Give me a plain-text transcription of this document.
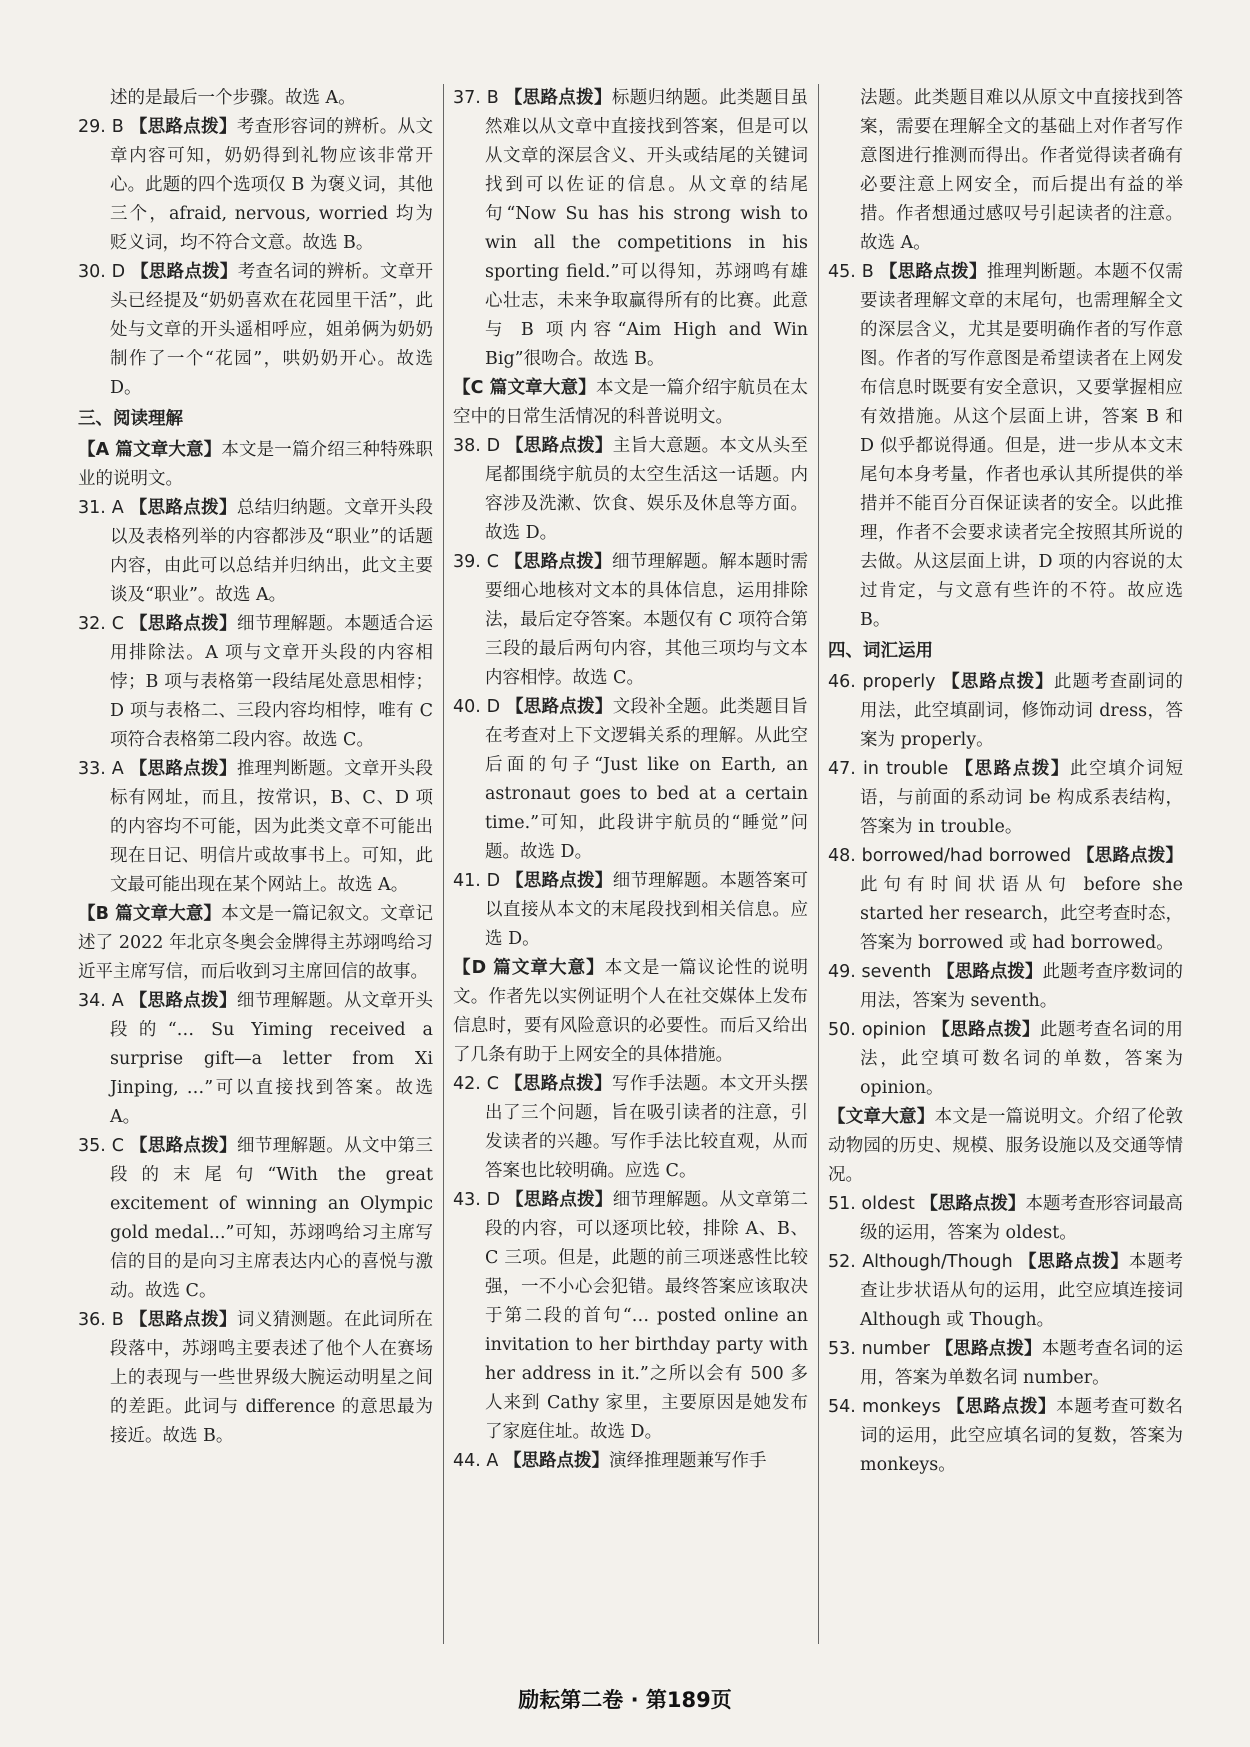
述的是最后一个步骤。故选 A。

29. B 【思路点拨】考查形容词的辨析。从文章内容可知，奶奶得到礼物应该非常开心。此题的四个选项仅 B 为褒义词，其他三个，afraid, nervous, worried 均为贬义词，均不符合文意。故选 B。

30. D 【思路点拨】考查名词的辨析。文章开头已经提及“奶奶喜欢在花园里干活”，此处与文章的开头遥相呼应，姐弟俩为奶奶制作了一个“花园”，哄奶奶开心。故选 D。

三、阅读理解

【A 篇文章大意】本文是一篇介绍三种特殊职业的说明文。

31. A 【思路点拨】总结归纳题。文章开头段以及表格列举的内容都涉及“职业”的话题内容，由此可以总结并归纳出，此文主要谈及“职业”。故选 A。

32. C 【思路点拨】细节理解题。本题适合运用排除法。A 项与文章开头段的内容相悖；B 项与表格第一段结尾处意思相悖；D 项与表格二、三段内容均相悖，唯有 C 项符合表格第二段内容。故选 C。

33. A 【思路点拨】推理判断题。文章开头段标有网址，而且，按常识，B、C、D 项的内容均不可能，因为此类文章不可能出现在日记、明信片或故事书上。可知，此文最可能出现在某个网站上。故选 A。

【B 篇文章大意】本文是一篇记叙文。文章记述了 2022 年北京冬奥会金牌得主苏翊鸣给习近平主席写信，而后收到习主席回信的故事。

34. A 【思路点拨】细节理解题。从文章开头段的“… Su Yiming received a surprise gift—a letter from Xi Jinping, …”可以直接找到答案。故选 A。

35. C 【思路点拨】细节理解题。从文中第三段的末尾句“With the great excitement of winning an Olympic gold medal...”可知，苏翊鸣给习主席写信的目的是向习主席表达内心的喜悦与激动。故选 C。

36. B 【思路点拨】词义猜测题。在此词所在段落中，苏翊鸣主要表述了他个人在赛场上的表现与一些世界级大腕运动明星之间的差距。此词与 difference 的意思最为接近。故选 B。

37. B 【思路点拨】标题归纳题。此类题目虽然难以从文章中直接找到答案，但是可以从文章的深层含义、开头或结尾的关键词找到可以佐证的信息。从文章的结尾句“Now Su has his strong wish to win all the competitions in his sporting field.”可以得知，苏翊鸣有雄心壮志，未来争取赢得所有的比赛。此意与 B 项内容“Aim High and Win Big”很吻合。故选 B。

【C 篇文章大意】本文是一篇介绍宇航员在太空中的日常生活情况的科普说明文。

38. D 【思路点拨】主旨大意题。本文从头至尾都围绕宇航员的太空生活这一话题。内容涉及洗漱、饮食、娱乐及休息等方面。故选 D。

39. C 【思路点拨】细节理解题。解本题时需要细心地核对文本的具体信息，运用排除法，最后定夺答案。本题仅有 C 项符合第三段的最后两句内容，其他三项均与文本内容相悖。故选 C。

40. D 【思路点拨】文段补全题。此类题目旨在考查对上下文逻辑关系的理解。从此空后面的句子“Just like on Earth, an astronaut goes to bed at a certain time.”可知，此段讲宇航员的“睡觉”问题。故选 D。

41. D 【思路点拨】细节理解题。本题答案可以直接从本文的末尾段找到相关信息。应选 D。

【D 篇文章大意】本文是一篇议论性的说明文。作者先以实例证明个人在社交媒体上发布信息时，要有风险意识的必要性。而后又给出了几条有助于上网安全的具体措施。

42. C 【思路点拨】写作手法题。本文开头摆出了三个问题，旨在吸引读者的注意，引发读者的兴趣。写作手法比较直观，从而答案也比较明确。应选 C。

43. D 【思路点拨】细节理解题。从文章第二段的内容，可以逐项比较，排除 A、B、C 三项。但是，此题的前三项迷惑性比较强，一不小心会犯错。最终答案应该取决于第二段的首句“… posted online an invitation to her birthday party with her address in it.”之所以会有 500 多人来到 Cathy 家里，主要原因是她发布了家庭住址。故选 D。

44. A 【思路点拨】演绎推理题兼写作手

法题。此类题目难以从原文中直接找到答案，需要在理解全文的基础上对作者写作意图进行推测而得出。作者觉得读者确有必要注意上网安全，而后提出有益的举措。作者想通过感叹号引起读者的注意。故选 A。

45. B 【思路点拨】推理判断题。本题不仅需要读者理解文章的末尾句，也需理解全文的深层含义，尤其是要明确作者的写作意图。作者的写作意图是希望读者在上网发布信息时既要有安全意识，又要掌握相应有效措施。从这个层面上讲，答案 B 和 D 似乎都说得通。但是，进一步从本文末尾句本身考量，作者也承认其所提供的举措并不能百分百保证读者的安全。以此推理，作者不会要求读者完全按照其所说的去做。从这层面上讲，D 项的内容说的太过肯定，与文意有些许的不符。故应选 B。

四、词汇运用

46. properly 【思路点拨】此题考查副词的用法，此空填副词，修饰动词 dress，答案为 properly。

47. in trouble 【思路点拨】此空填介词短语，与前面的系动词 be 构成系表结构，答案为 in trouble。

48. borrowed/had borrowed 【思路点拨】此句有时间状语从句 before she started her research，此空考查时态，答案为 borrowed 或 had borrowed。

49. seventh 【思路点拨】此题考查序数词的用法，答案为 seventh。

50. opinion 【思路点拨】此题考查名词的用法，此空填可数名词的单数，答案为 opinion。

【文章大意】本文是一篇说明文。介绍了伦敦动物园的历史、规模、服务设施以及交通等情况。

51. oldest 【思路点拨】本题考查形容词最高级的运用，答案为 oldest。

52. Although/Though 【思路点拨】本题考查让步状语从句的运用，此空应填连接词 Although 或 Though。

53. number 【思路点拨】本题考查名词的运用，答案为单数名词 number。

54. monkeys 【思路点拨】本题考查可数名词的运用，此空应填名词的复数，答案为 monkeys。

励耘第二卷 · 第189页
